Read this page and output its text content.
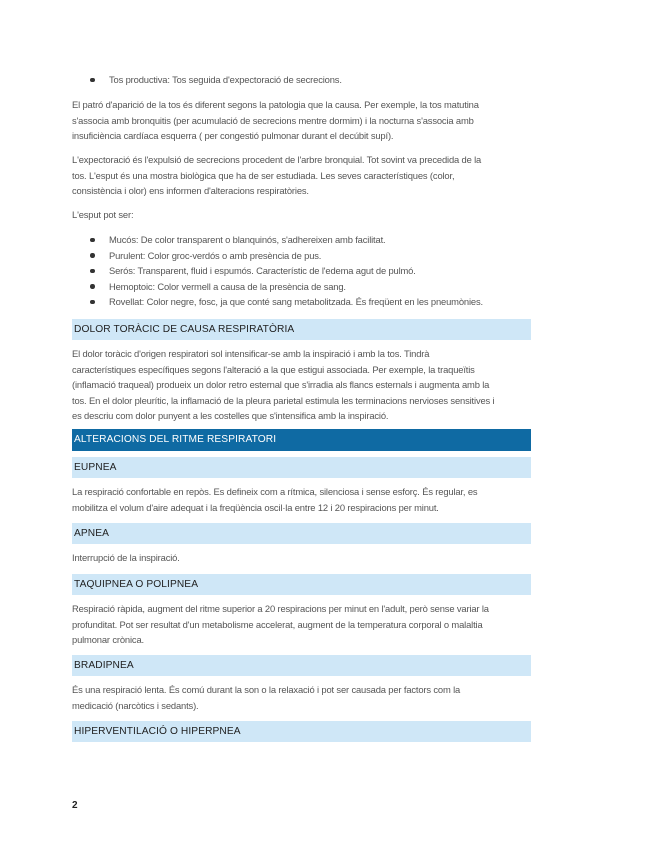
Tos productiva: Tos seguida d'expectoració de secrecions.

El patró d'aparició de la tos és diferent segons la patologia que la causa. Per exemple, la tos matutina

s'associa amb bronquitis (per acumulació de secrecions mentre dormim) i la nocturna s'associa amb

insuficiència cardíaca esquerra ( per congestió pulmonar durant el decúbit supí).

L'expectoració és l'expulsió de secrecions procedent de l'arbre bronquial. Tot sovint va precedida de la

tos. L'esput és una mostra biològica que ha de ser estudiada. Les seves característiques (color,

consistència i olor) ens informen d'alteracions respiratòries.

L'esput pot ser:

Mucós: De color transparent o blanquinós, s'adhereixen amb facilitat.
Purulent: Color groc-verdós o amb presència de pus.
Serós: Transparent, fluid i espumós. Característic de l'edema agut de pulmó.
Hemoptoic: Color vermell a causa de la presència de sang.
Rovellat: Color negre, fosc, ja que conté sang metabolitzada. És freqüent en les pneumònies.
DOLOR TORÀCIC DE CAUSA RESPIRATÒRIA

El dolor toràcic d'origen respiratori sol intensificar-se amb la inspiració i amb la tos. Tindrà

característiques específiques segons l'alteració a la que estigui associada. Per exemple, la traqueïtis

(inflamació traqueal) produeix un dolor retro esternal que s'irradia als flancs esternals i augmenta amb la

tos. En el dolor pleurític, la inflamació de la pleura parietal estimula les terminacions nervioses sensitives i

es descriu com dolor punyent a les costelles que s'intensifica amb la inspiració.

ALTERACIONS DEL RITME RESPIRATORI
EUPNEA

La respiració confortable en repòs. Es defineix com a rítmica, silenciosa i sense esforç. És regular, es

mobilitza el volum d'aire adequat i la freqüència oscil·la entre 12 i 20 respiracions per minut.

APNEA

Interrupció de la inspiració.

TAQUIPNEA O POLIPNEA

Respiració ràpida, augment del ritme superior a 20 respiracions per minut en l'adult, però sense variar la

profunditat. Pot ser resultat d'un metabolisme accelerat, augment de la temperatura corporal o malaltia

pulmonar crònica.

BRADIPNEA

És una respiració lenta. És comú durant la son o la relaxació i pot ser causada per factors com la

medicació (narcòtics i sedants).

HIPERVENTILACIÓ O HIPERPNEA
2
